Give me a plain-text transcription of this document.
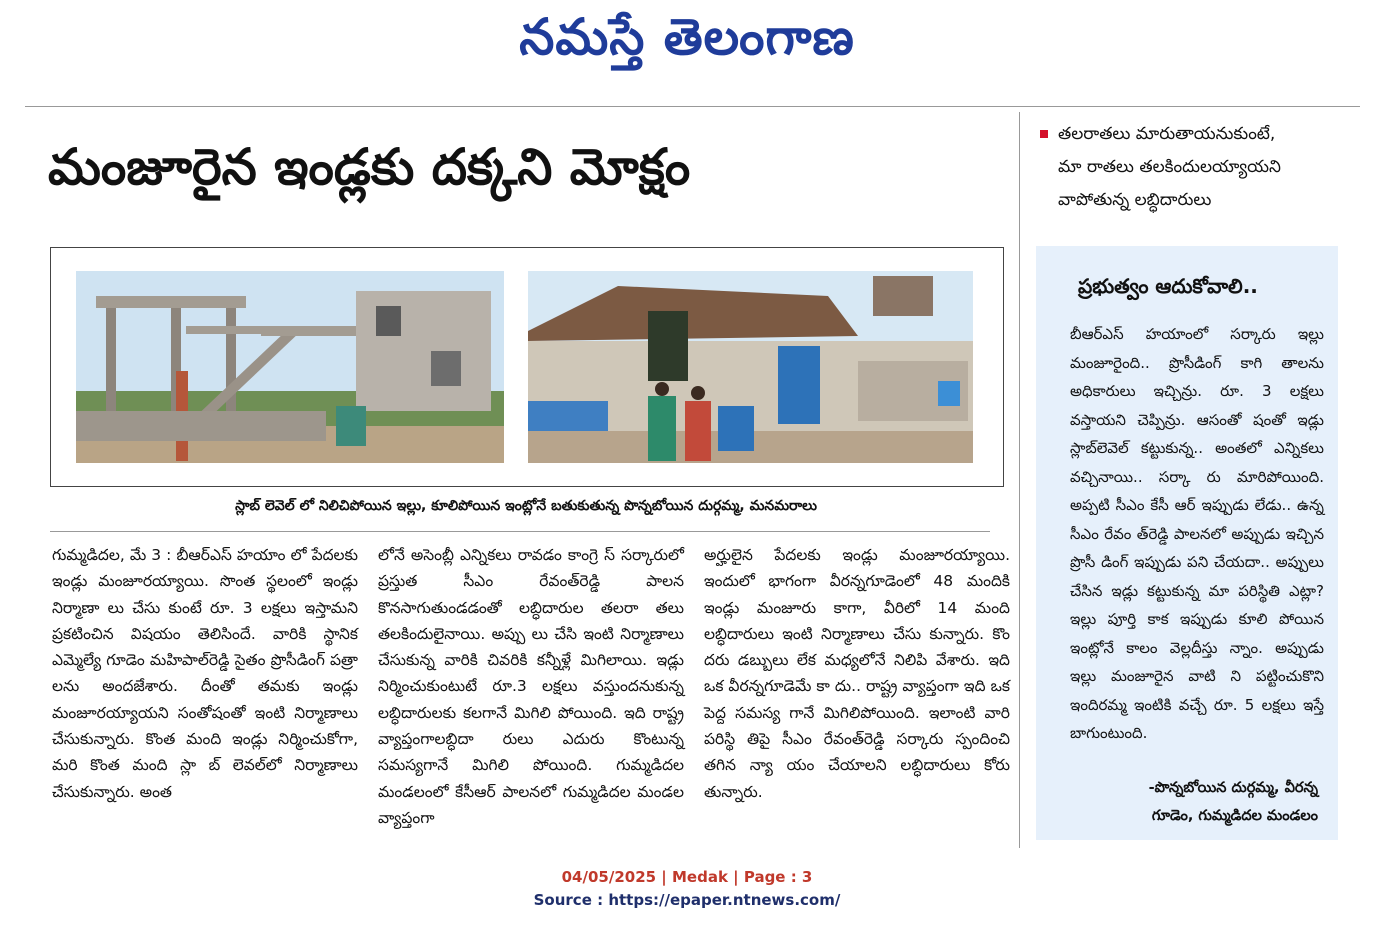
నమస్తే తెలంగాణ
మంజూరైన ఇండ్లకు దక్కని మోక్షం
తలరాతలు మారుతాయనుకుంటే,
మా రాతలు తలకిందులయ్యాయని
వాపోతున్న లబ్ధిదారులు
స్లాబ్ లెవెల్ లో నిలిచిపోయిన ఇల్లు, కూలిపోయిన ఇంట్లోనే బతుకుతున్న పొన్నబోయిన దుర్గమ్మ, మనమరాలు
గుమ్మడిదల, మే 3 : బీఆర్ఎస్ హయాం లో పేదలకు ఇండ్లు మంజూరయ్యాయి. సొంత స్థలంలో ఇండ్లు నిర్మాణా లు చేసు కుంటే రూ. 3 లక్షలు ఇస్తామని ప్రకటించిన విషయం తెలిసిందే. వారికి స్థానిక ఎమ్మెల్యే గూడెం మహిపాల్‌రెడ్డి సైతం ప్రొసీడింగ్ పత్రా లను అందజేశారు. దీంతో తమకు ఇండ్లు మంజూరయ్యాయని సంతోషంతో ఇంటి నిర్మాణాలు చేసుకున్నారు. కొంత మంది ఇండ్లు నిర్మించుకోగా, మరి కొంత మంది స్లా బ్ లెవల్‌లో నిర్మాణాలు చేసుకున్నారు. అంత
లోనే అసెంబ్లీ ఎన్నికలు రావడం కాంగ్రె స్ సర్కారులో ప్రస్తుత సీఎం రేవంత్‌రెడ్డి పాలన కొనసాగుతుండడంతో లబ్ధిదారుల తలరా తలు తలకిందులైనాయి. అప్పు లు చేసి ఇంటి నిర్మాణాలు చేసుకున్న వారికి చివరికి కన్నీళ్లే మిగిలాయి. ఇడ్లు నిర్మించుకుంటుటే రూ.3 లక్షలు వస్తుందనుకున్న లబ్ధిదారులకు కలగానే మిగిలి పోయింది. ఇది రాష్ట్ర వ్యాప్తంగాలబ్ధిదా రులు ఎదురు కొంటున్న సమస్యగానే మిగిలి పోయింది. గుమ్మడిదల మండలంలో కేసీఆర్ పాలనలో గుమ్మడిదల మండల వ్యాప్తంగా
అర్హులైన పేదలకు ఇండ్లు మంజూరయ్యాయి. ఇందులో భాగంగా వీరన్నగూడెంలో 48 మందికి ఇండ్లు మంజూరు కాగా, వీరిలో 14 మంది లబ్ధిదారులు ఇంటి నిర్మాణాలు చేసు కున్నారు. కొం దరు డబ్బులు లేక మధ్యలోనే నిలిపి వేశారు. ఇది ఒక వీరన్నగూడెమే కా దు.. రాష్ట్ర వ్యాప్తంగా ఇది ఒక పెద్ద సమస్య గానే మిగిలిపోయింది. ఇలాంటి వారి పరిస్థి తిపై సీఎం రేవంత్‌రెడ్డి సర్కారు స్పందించి తగిన న్యా యం చేయాలని లబ్ధిదారులు కోరు తున్నారు.
ప్రభుత్వం ఆదుకోవాలి..
బీఆర్ఎస్ హయాంలో సర్కారు ఇల్లు మంజూరైంది.. ప్రొసీడింగ్ కాగి తాలను అధికారులు ఇచ్చిన్రు. రూ. 3 లక్షలు వస్తాయని చెప్పిన్రు. ఆసంతో షంతో ఇడ్లు స్లాబ్‌లెవెల్ కట్టుకున్న.. అంతలో ఎన్నికలు వచ్చినాయి.. సర్కా రు మారిపోయింది. అప్పటి సీఎం కేసీ ఆర్ ఇప్పుడు లేడు.. ఉన్న సీఎం రేవం త్‌రెడ్డి పాలనలో అప్పుడు ఇచ్చిన ప్రొసీ డింగ్ ఇప్పుడు పని చేయదా.. అప్పులు చేసిన ఇడ్లు కట్టుకున్న మా పరిస్థితి ఎట్లా? ఇల్లు పూర్తి కాక ఇప్పుడు కూలి పోయిన ఇంట్లోనే కాలం వెల్లదీస్తు న్నాం. అప్పుడు ఇల్లు మంజూరైన వాటి ని పట్టించుకొని ఇందిరమ్మ ఇంటికి వచ్చే రూ. 5 లక్షలు ఇస్తే బాగుంటుంది.
-పొన్నబోయిన దుర్గమ్మ, వీరన్న
గూడెం, గుమ్మడిదల మండలం
04/05/2025 | Medak | Page : 3
Source : https://epaper.ntnews.com/
